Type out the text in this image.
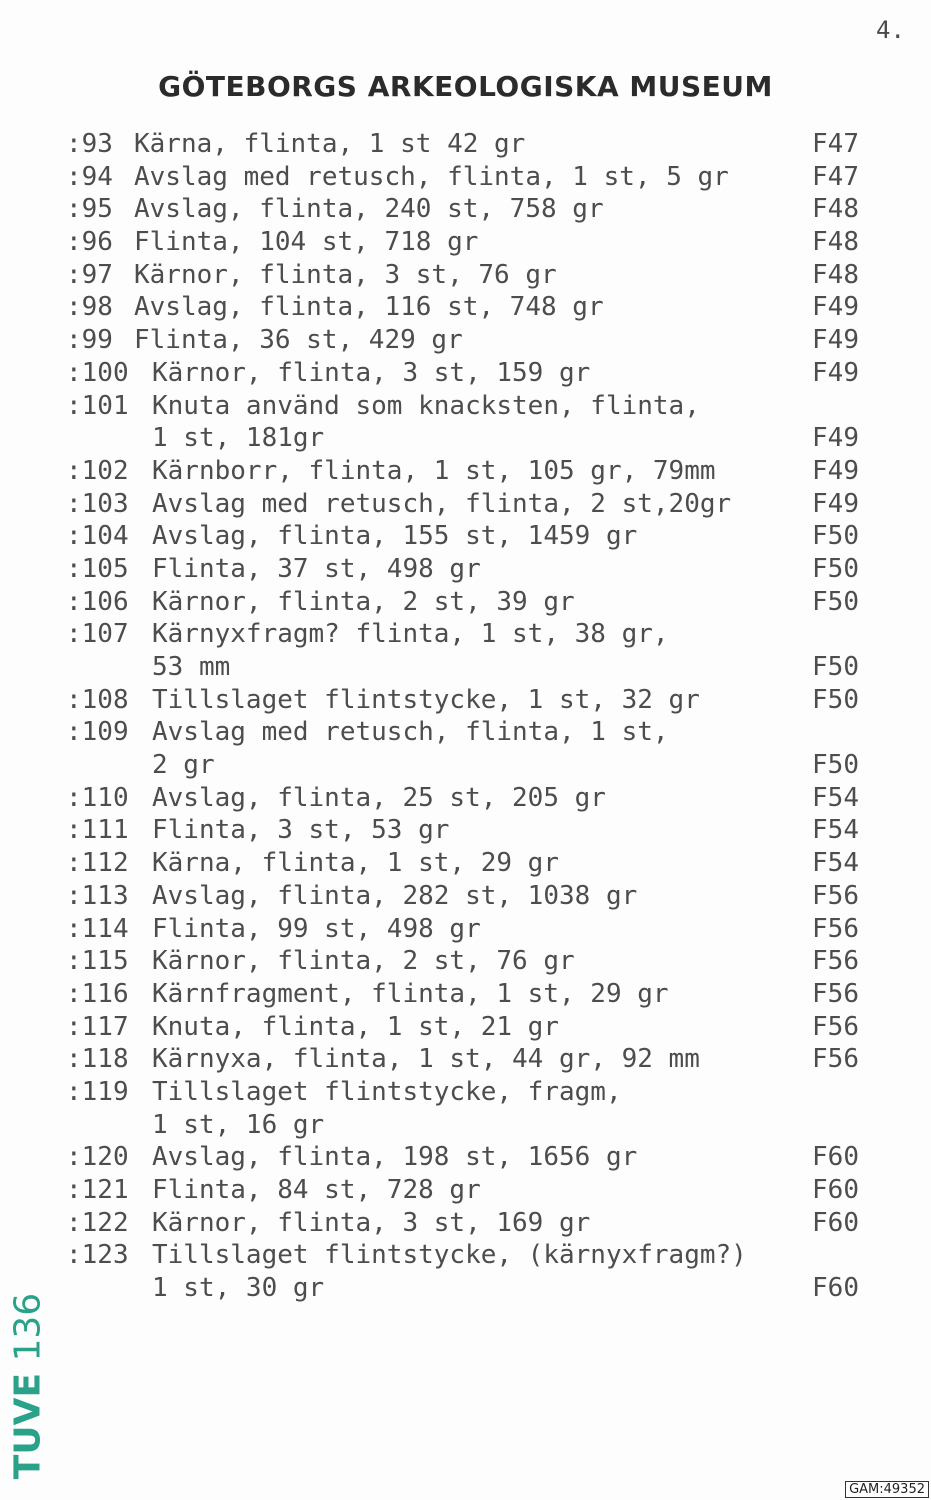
4.
GÖTEBORGS ARKEOLOGISKA MUSEUM
:93 Kärna, flinta, 1 st 42 gr	F47
:94 Avslag med retusch, flinta, 1 st, 5 gr	F47
:95 Avslag, flinta, 240 st, 758 gr	F48
:96 Flinta, 104 st, 718 gr	F48
:97 Kärnor, flinta, 3 st, 76 gr	F48
:98 Avslag, flinta, 116 st, 748 gr	F49
:99 Flinta, 36 st, 429 gr	F49
:100 Kärnor, flinta, 3 st, 159 gr	F49
:101 Knuta använd som knacksten, flinta,
1 st, 181gr	F49
:102 Kärnborr, flinta, 1 st, 105 gr, 79mm	F49
:103 Avslag med retusch, flinta, 2 st,20gr	F49
:104 Avslag, flinta, 155 st, 1459 gr	F50
:105 Flinta, 37 st, 498 gr	F50
:106 Kärnor, flinta, 2 st, 39 gr	F50
:107 Kärnyxfragm? flinta, 1 st, 38 gr,
53 mm	F50
:108 Tillslaget flintstycke, 1 st, 32 gr	F50
:109 Avslag med retusch, flinta, 1 st,
2 gr	F50
:110 Avslag, flinta, 25 st, 205 gr	F54
:111 Flinta, 3 st, 53 gr	F54
:112 Kärna, flinta, 1 st, 29 gr	F54
:113 Avslag, flinta, 282 st, 1038 gr	F56
:114 Flinta, 99 st, 498 gr	F56
:115 Kärnor, flinta, 2 st, 76 gr	F56
:116 Kärnfragment, flinta, 1 st, 29 gr	F56
:117 Knuta, flinta, 1 st, 21 gr	F56
:118 Kärnyxa, flinta, 1 st, 44 gr, 92 mm	F56
:119 Tillslaget flintstycke, fragm,
1 st, 16 gr
:120 Avslag, flinta, 198 st, 1656 gr	F60
:121 Flinta, 84 st, 728 gr	F60
:122 Kärnor, flinta, 3 st, 169 gr	F60
:123 Tillslaget flintstycke, (kärnyxfragm?)
1 st, 30 gr	F60
TUVE 136
GAM:49352
